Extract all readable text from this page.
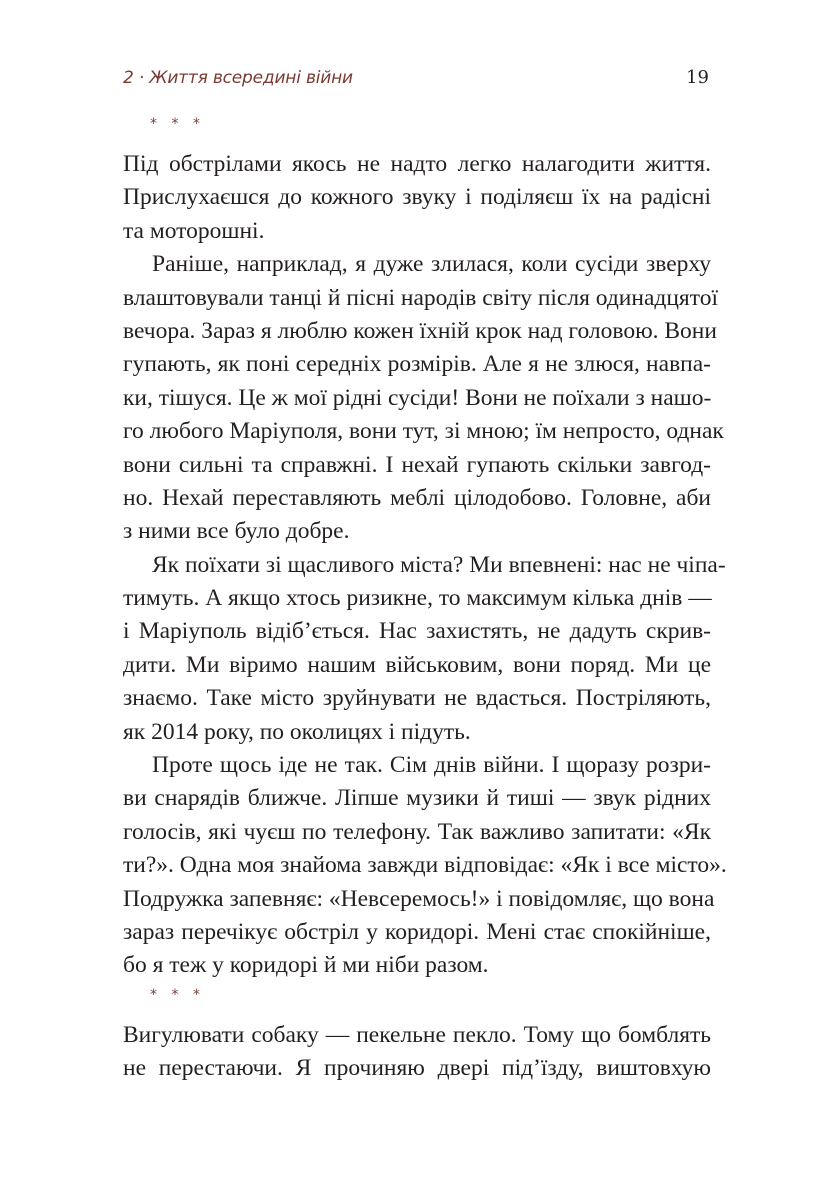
2 · Життя всередині війни	19
* * *
Під обстрілами якось не надто легко налагодити життя.
Прислухаєшся до кожного звуку і поділяєш їх на радісні
та моторошні.
Раніше, наприклад, я дуже злилася, коли сусіди зверху
влаштовували танці й пісні народів світу після одинадцятої
вечора. Зараз я люблю кожен їхній крок над головою. Вони
гупають, як поні середніх розмірів. Але я не злюся, навпа-
ки, тішуся. Це ж мої рідні сусіди! Вони не поїхали з нашо-
го любого Маріуполя, вони тут, зі мною; їм непросто, однак
вони сильні та справжні. І нехай гупають скільки завгод-
но. Нехай переставляють меблі цілодобово. Головне, аби
з ними все було добре.
Як поїхати зі щасливого міста? Ми впевнені: нас не чіпа-
тимуть. А якщо хтось ризикне, то максимум кілька днів —
і Маріуполь відіб’ється. Нас захистять, не дадуть скрив-
дити. Ми віримо нашим військовим, вони поряд. Ми це
знаємо. Таке місто зруйнувати не вдасться. Постріляють,
як 2014 року, по околицях і підуть.
Проте щось іде не так. Сім днів війни. І щоразу розри-
ви снарядів ближче. Ліпше музики й тиші — звук рідних
голосів, які чуєш по телефону. Так важливо запитати: «Як
ти?». Одна моя знайома завжди відповідає: «Як і все місто».
Подружка запевняє: «Невсеремось!» і повідомляє, що вона
зараз перечікує обстріл у коридорі. Мені стає спокійніше,
бо я теж у коридорі й ми ніби разом.
* * *
Вигулювати собаку — пекельне пекло. Тому що бомблять
не перестаючи. Я прочиняю двері під’їзду, виштовхую
